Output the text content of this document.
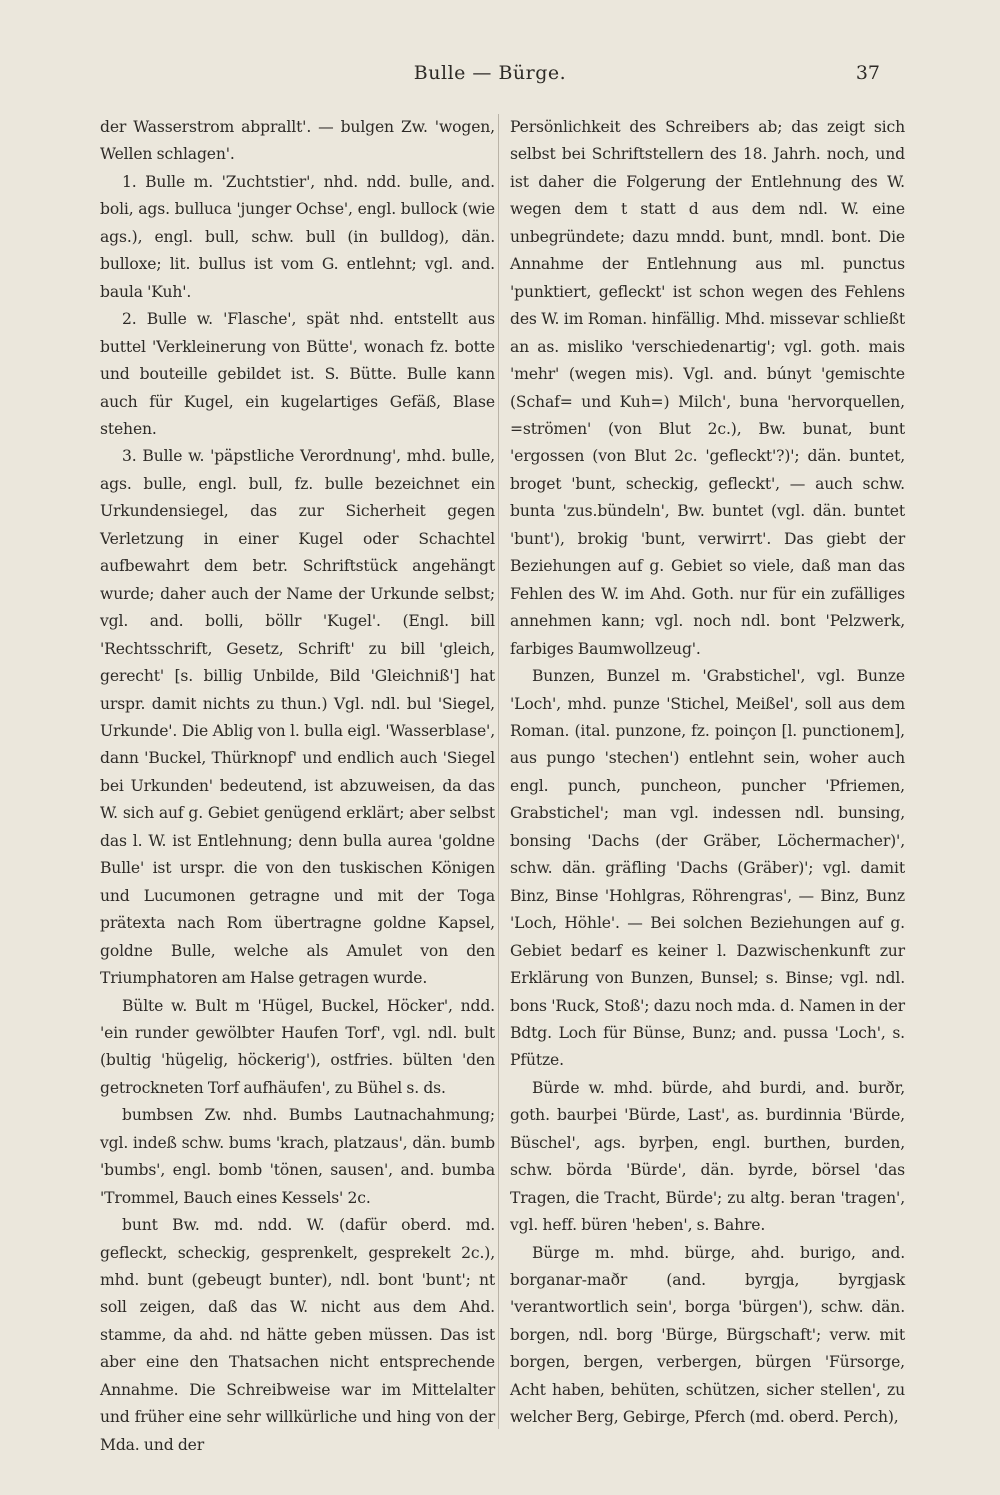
Bulle — Bürge.	37

der Wasserstrom abprallt'. — bulgen Zw. 'wogen, Wellen schlagen'.

1. Bulle m. 'Zuchtstier', nhd. ndd. bulle, and. boli, ags. bulluca 'junger Ochse', engl. bullock (wie ags.), engl. bull, schw. bull (in bulldog), dän. bulloxe; lit. bullus ist vom G. entlehnt; vgl. and. baula 'Kuh'.

2. Bulle w. 'Flasche', spät nhd. entstellt aus buttel 'Verkleinerung von Bütte', wonach fz. botte und bouteille gebildet ist. S. Bütte. Bulle kann auch für Kugel, ein kugelartiges Gefäß, Blase stehen.

3. Bulle w. 'päpstliche Verordnung', mhd. bulle, ags. bulle, engl. bull, fz. bulle bezeichnet ein Urkundensiegel, das zur Sicherheit gegen Verletzung in einer Kugel oder Schachtel aufbewahrt dem betr. Schriftstück angehängt wurde; daher auch der Name der Urkunde selbst; vgl. and. bolli, böllr 'Kugel'. (Engl. bill 'Rechtsschrift, Gesetz, Schrift' zu bill 'gleich, gerecht' [s. billig Unbilde, Bild 'Gleichniß'] hat urspr. damit nichts zu thun.) Vgl. ndl. bul 'Siegel, Urkunde'. Die Ablig von l. bulla eigl. 'Wasserblase', dann 'Buckel, Thürknopf' und endlich auch 'Siegel bei Urkunden' bedeutend, ist abzuweisen, da das W. sich auf g. Gebiet genügend erklärt; aber selbst das l. W. ist Entlehnung; denn bulla aurea 'goldne Bulle' ist urspr. die von den tuskischen Königen und Lucumonen getragne und mit der Toga prätexta nach Rom übertragne goldne Kapsel, goldne Bulle, welche als Amulet von den Triumphatoren am Halse getragen wurde.

Bülte w. Bult m 'Hügel, Buckel, Höcker', ndd. 'ein runder gewölbter Haufen Torf', vgl. ndl. bult (bultig 'hügelig, höckerig'), ostfries. bülten 'den getrockneten Torf aufhäufen', zu Bühel s. ds.

bumbsen Zw. nhd. Bumbs Lautnachahmung; vgl. indeß schw. bums 'krach, platzaus', dän. bumb 'bumbs', engl. bomb 'tönen, sausen', and. bumba 'Trommel, Bauch eines Kessels' 2c.

bunt Bw. md. ndd. W. (dafür oberd. md. gefleckt, scheckig, gesprenkelt, gesprekelt 2c.), mhd. bunt (gebeugt bunter), ndl. bont 'bunt'; nt soll zeigen, daß das W. nicht aus dem Ahd. stamme, da ahd. nd hätte geben müssen. Das ist aber eine den Thatsachen nicht entsprechende Annahme. Die Schreibweise war im Mittelalter und früher eine sehr willkürliche und hing von der Mda. und der

Persönlichkeit des Schreibers ab; das zeigt sich selbst bei Schriftstellern des 18. Jahrh. noch, und ist daher die Folgerung der Entlehnung des W. wegen dem t statt d aus dem ndl. W. eine unbegründete; dazu mndd. bunt, mndl. bont. Die Annahme der Entlehnung aus ml. punctus 'punktiert, gefleckt' ist schon wegen des Fehlens des W. im Roman. hinfällig. Mhd. missevar schließt an as. misliko 'verschiedenartig'; vgl. goth. mais 'mehr' (wegen mis). Vgl. and. búnyt 'gemischte (Schaf= und Kuh=) Milch', buna 'hervorquellen, =strömen' (von Blut 2c.), Bw. bunat, bunt 'ergossen (von Blut 2c. 'gefleckt'?)'; dän. buntet, broget 'bunt, scheckig, gefleckt', — auch schw. bunta 'zus.bündeln', Bw. buntet (vgl. dän. buntet 'bunt'), brokig 'bunt, verwirrt'. Das giebt der Beziehungen auf g. Gebiet so viele, daß man das Fehlen des W. im Ahd. Goth. nur für ein zufälliges annehmen kann; vgl. noch ndl. bont 'Pelzwerk, farbiges Baumwollzeug'.

Bunzen, Bunzel m. 'Grabstichel', vgl. Bunze 'Loch', mhd. punze 'Stichel, Meißel', soll aus dem Roman. (ital. punzone, fz. poinçon [l. punctionem], aus pungo 'stechen') entlehnt sein, woher auch engl. punch, puncheon, puncher 'Pfriemen, Grabstichel'; man vgl. indessen ndl. bunsing, bonsing 'Dachs (der Gräber, Löchermacher)', schw. dän. gräfling 'Dachs (Gräber)'; vgl. damit Binz, Binse 'Hohlgras, Röhrengras', — Binz, Bunz 'Loch, Höhle'. — Bei solchen Beziehungen auf g. Gebiet bedarf es keiner l. Dazwischenkunft zur Erklärung von Bunzen, Bunsel; s. Binse; vgl. ndl. bons 'Ruck, Stoß'; dazu noch mda. d. Namen in der Bdtg. Loch für Bünse, Bunz; and. pussa 'Loch', s. Pfütze.

Bürde w. mhd. bürde, ahd burdi, and. burðr, goth. baurþei 'Bürde, Last', as. burdinnia 'Bürde, Büschel', ags. byrþen, engl. burthen, burden, schw. börda 'Bürde', dän. byrde, börsel 'das Tragen, die Tracht, Bürde'; zu altg. beran 'tragen', vgl. heff. büren 'heben', s. Bahre.

Bürge m. mhd. bürge, ahd. burigo, and. borganar-maðr (and. byrgja, byrgjask 'verantwortlich sein', borga 'bürgen'), schw. dän. borgen, ndl. borg 'Bürge, Bürgschaft'; verw. mit borgen, bergen, verbergen, bürgen 'Fürsorge, Acht haben, behüten, schützen, sicher stellen', zu welcher Berg, Gebirge, Pferch (md. oberd. Perch),
